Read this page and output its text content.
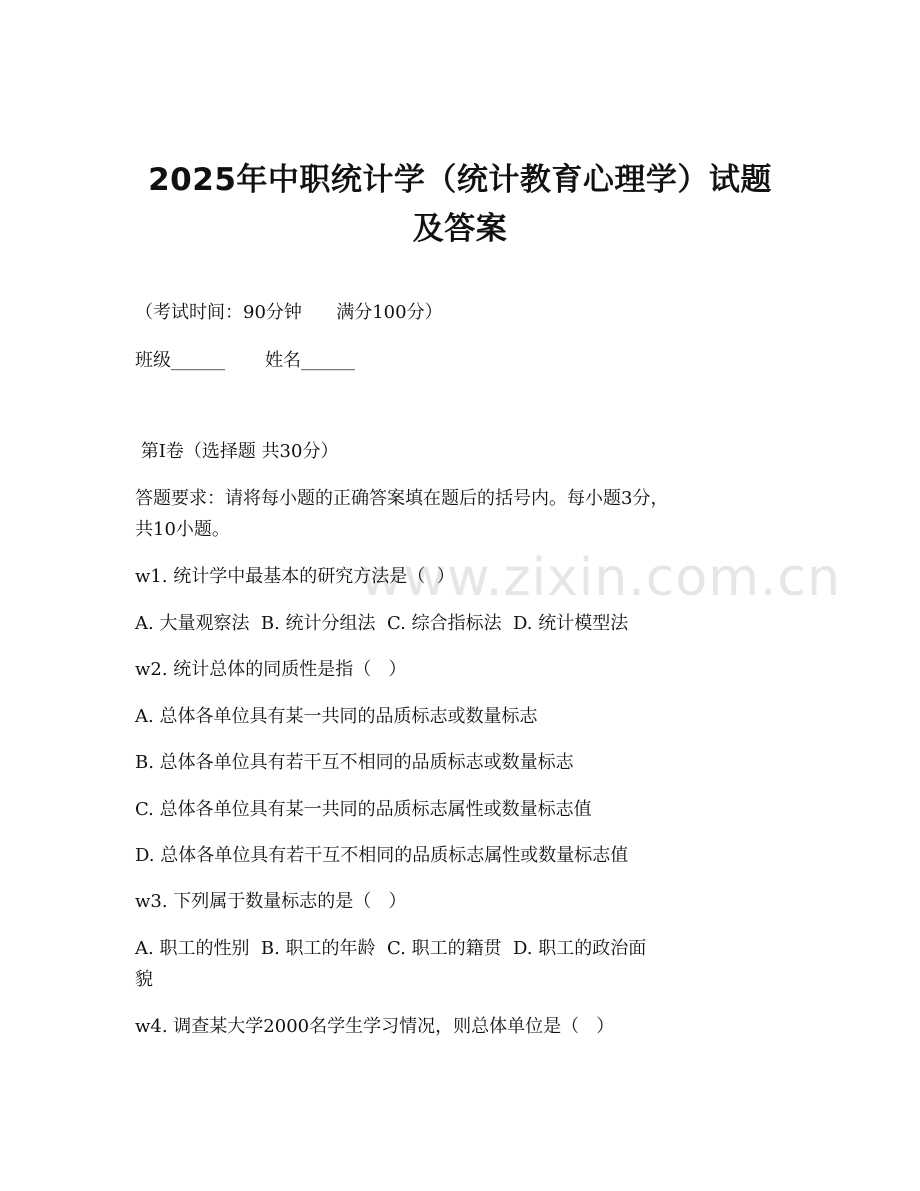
www.zixin.com.cn
2025年中职统计学（统计教育心理学）试题
及答案

（考试时间：90分钟      满分100分）

班级______       姓名______

第Ⅰ卷（选择题 共30分）

答题要求：请将每小题的正确答案填在题后的括号内。每小题3分，

共10小题。

w1. 统计学中最基本的研究方法是（  ）

A. 大量观察法  B. 统计分组法  C. 综合指标法  D. 统计模型法

w2. 统计总体的同质性是指（   ）

A. 总体各单位具有某一共同的品质标志或数量标志

B. 总体各单位具有若干互不相同的品质标志或数量标志

C. 总体各单位具有某一共同的品质标志属性或数量标志值

D. 总体各单位具有若干互不相同的品质标志属性或数量标志值

w3. 下列属于数量标志的是（   ）

A. 职工的性别  B. 职工的年龄  C. 职工的籍贯  D. 职工的政治面

貌

w4. 调查某大学2000名学生学习情况，则总体单位是（   ）
